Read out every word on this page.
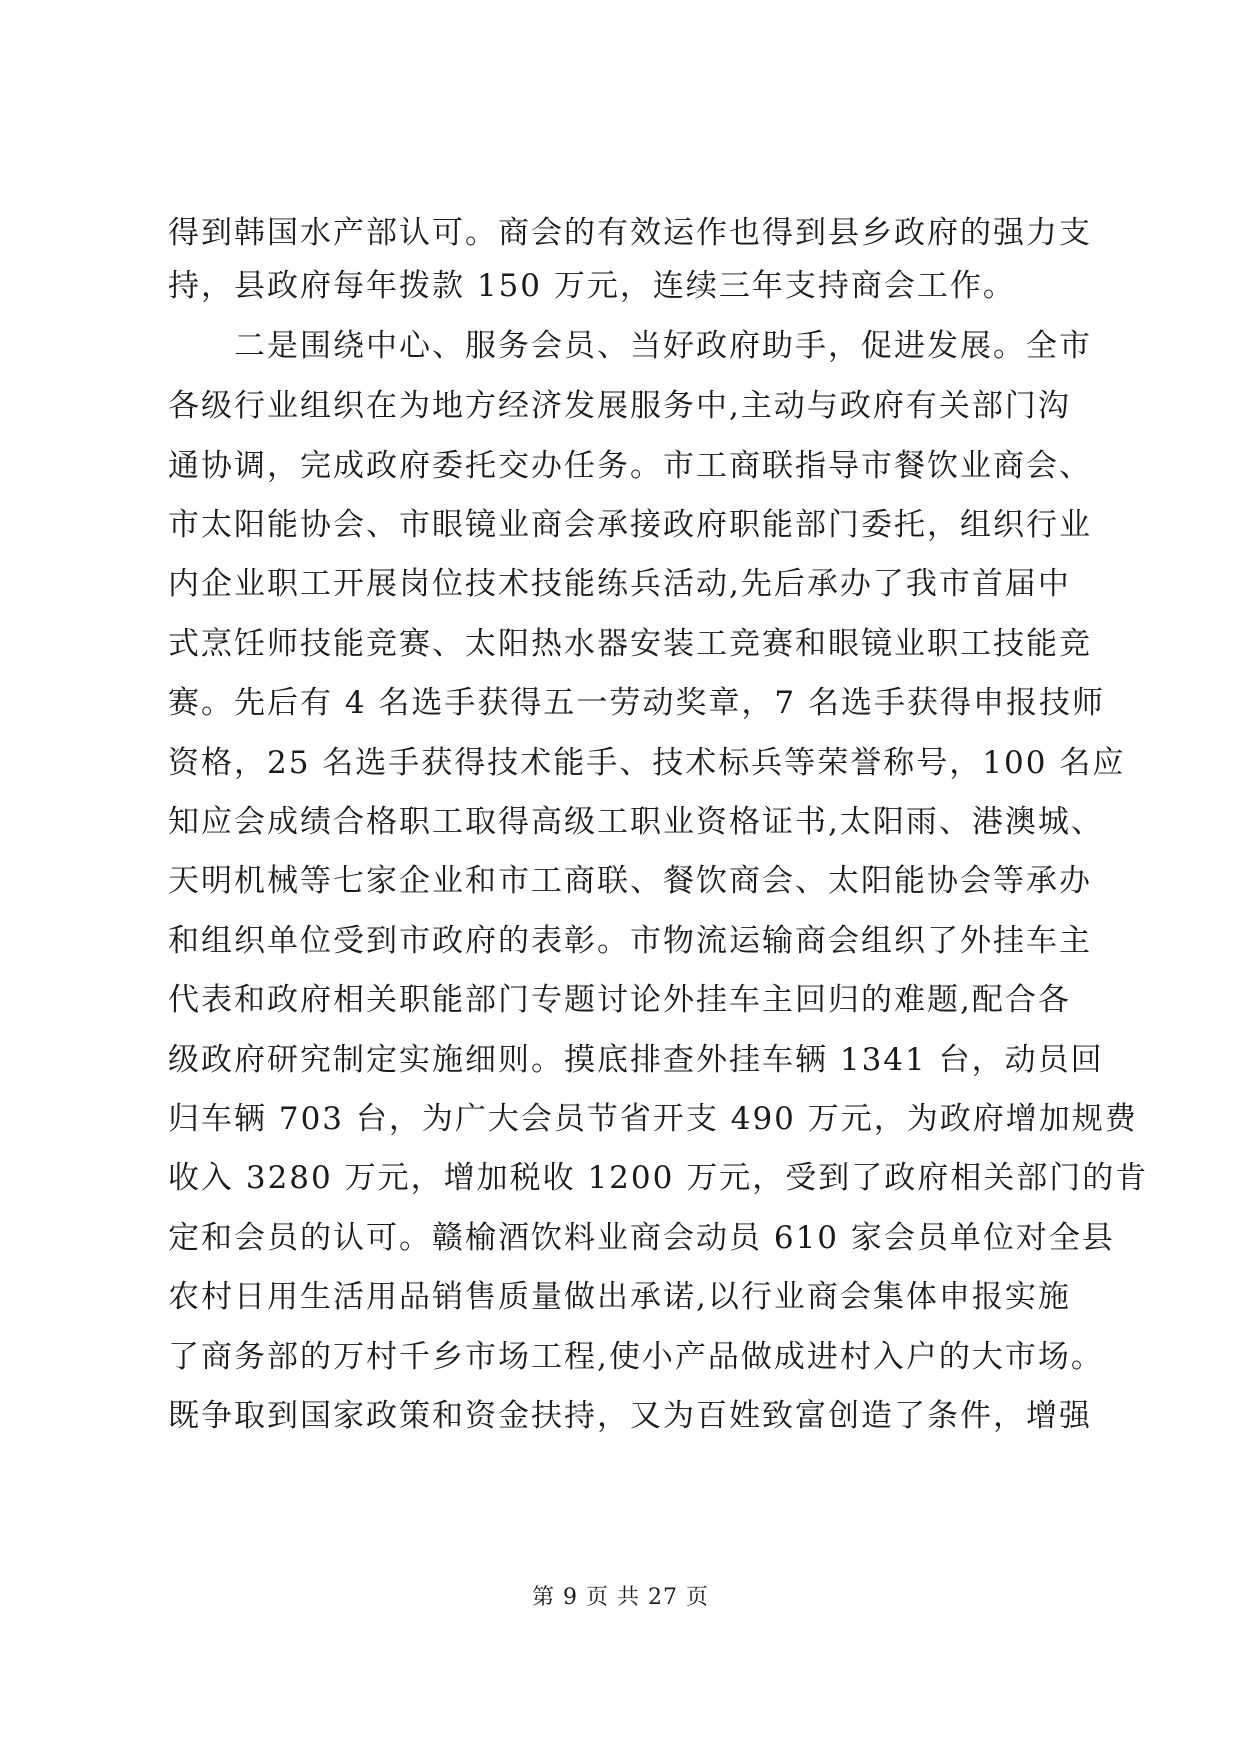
得到韩国水产部认可。商会的有效运作也得到县乡政府的强力支
持，县政府每年拨款 150 万元，连续三年支持商会工作。
　　二是围绕中心、服务会员、当好政府助手，促进发展。全市
各级行业组织在为地方经济发展服务中,主动与政府有关部门沟
通协调，完成政府委托交办任务。市工商联指导市餐饮业商会、
市太阳能协会、市眼镜业商会承接政府职能部门委托，组织行业
内企业职工开展岗位技术技能练兵活动,先后承办了我市首届中
式烹饪师技能竞赛、太阳热水器安装工竞赛和眼镜业职工技能竞
赛。先后有 4 名选手获得五一劳动奖章，7 名选手获得申报技师
资格，25 名选手获得技术能手、技术标兵等荣誉称号，100 名应
知应会成绩合格职工取得高级工职业资格证书,太阳雨、港澳城、
天明机械等七家企业和市工商联、餐饮商会、太阳能协会等承办
和组织单位受到市政府的表彰。市物流运输商会组织了外挂车主
代表和政府相关职能部门专题讨论外挂车主回归的难题,配合各
级政府研究制定实施细则。摸底排查外挂车辆 1341 台，动员回
归车辆 703 台，为广大会员节省开支 490 万元，为政府增加规费
收入 3280 万元，增加税收 1200 万元，受到了政府相关部门的肯
定和会员的认可。赣榆酒饮料业商会动员 610 家会员单位对全县
农村日用生活用品销售质量做出承诺,以行业商会集体申报实施
了商务部的万村千乡市场工程,使小产品做成进村入户的大市场。
既争取到国家政策和资金扶持，又为百姓致富创造了条件，增强
第 9 页 共 27 页
